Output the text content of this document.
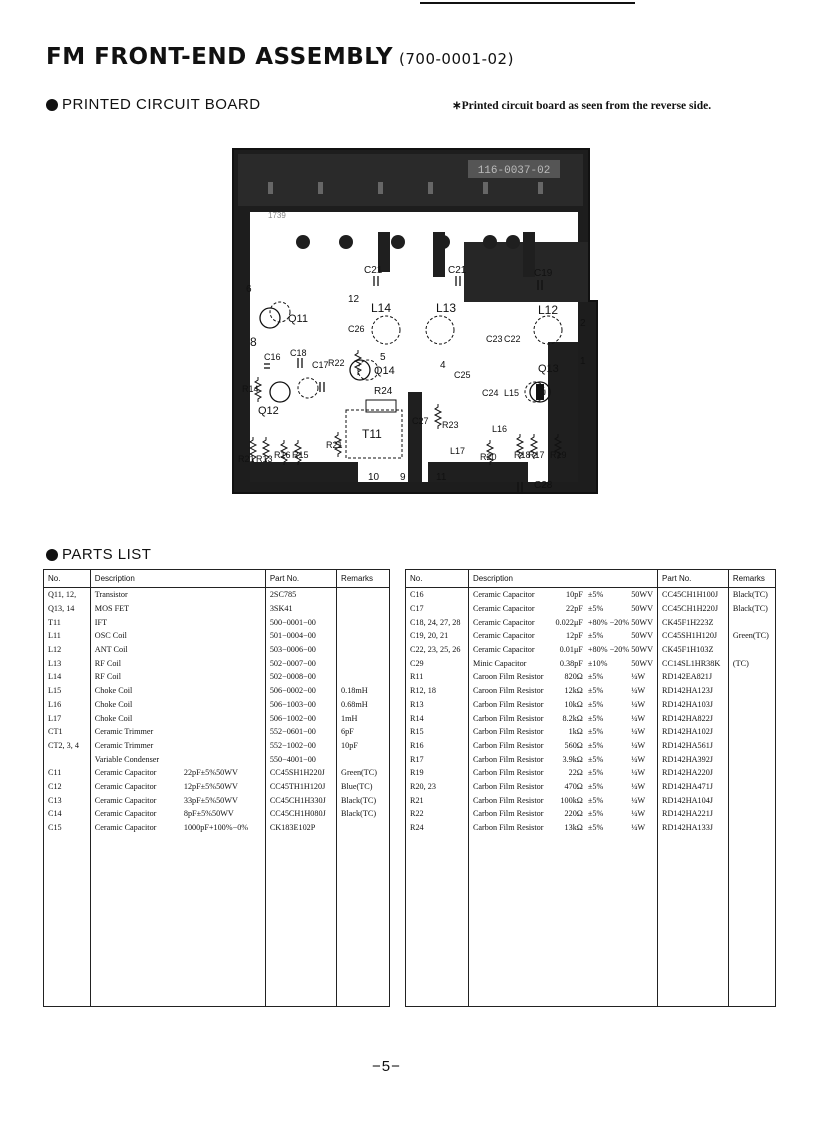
FM FRONT-END ASSEMBLY (700-0001-02)
PRINTED CIRCUIT BOARD	∗Printed circuit board as seen from the reverse side.
116-0037-02
1739
C21	C21	C19
6
12
L14	L13	L12
2
Q11
C26
C23 C22
8
C16 C18
C17 R22	5
Q14	4
C25	Q13
1
R14	R24	C24 L15
Q12
C27 R23	L16
T11
R21 R13 R16 R15
R21
L17
R20 R18
R17 R19
10 9	11
C28
PARTS LIST
No.	Description		Part No.	Remarks
Q11, 12,	Transistor		2SC785	
Q13, 14	MOS FET		3SK41	
T11	IFT		500−0001−00	
L11	OSC Coil		501−0004−00	
L12	ANT Coil		503−0006−00	
L13	RF Coil		502−0007−00	
L14	RF Coil		502−0008−00	
L15	Choke Coil		506−0002−00	0.18mH
L16	Choke Coil		506−1003−00	0.68mH
L17	Choke Coil		506−1002−00	1mH
CT1	Ceramic Trimmer		552−0601−00	6pF
CT2, 3, 4	Ceramic Trimmer		552−1002−00	10pF
	Variable Condenser		550−4001−00	
C11	Ceramic Capacitor	22pF±5%50WV	CC45SH1H220J	Green(TC)
C12	Ceramic Capacitor	12pF±5%50WV	CC45TH1H120J	Blue(TC)
C13	Ceramic Capacitor	33pF±5%50WV	CC45CH1H330J	Black(TC)
C14	Ceramic Capacitor	8pF±5%50WV	CC45CH1H080J	Black(TC)
C15	Ceramic Capacitor	1000pF+100%−0%	CK183E102P	

No.	Description				Part No.	Remarks
C16	Ceramic Capacitor	10pF	±5%	50WV	CC45CH1H100J	Black(TC)
C17	Ceramic Capacitor	22pF	±5%	50WV	CC45CH1H220J	Black(TC)
C18, 24, 27, 28	Ceramic Capacitor	0.022μF	+80% −20%	50WV	CK45F1H223Z	
C19, 20, 21	Ceramic Capacitor	12pF	±5%	50WV	CC45SH1H120J	Green(TC)
C22, 23, 25, 26	Ceramic Capacitor	0.01μF	+80% −20%	50WV	CK45F1H103Z	
C29	Minic Capacitor	0.38pF	±10%	50WV	CC14SL1HR38K	(TC)
R11	Caroon Film Resistor	820Ω	±5%	¼W	RD142EA821J	
R12, 18	Caroon Film Resistor	12kΩ	±5%	¼W	RD142HA123J	
R13	Carbon Film Resistor	10kΩ	±5%	¼W	RD142HA103J	
R14	Carbon Film Resistor	8.2kΩ	±5%	¼W	RD142HA822J	
R15	Carbon Film Resistor	1kΩ	±5%	¼W	RD142HA102J	
R16	Carbon Film Resistor	560Ω	±5%	¼W	RD142HA561J	
R17	Carbon Film Resistor	3.9kΩ	±5%	¼W	RD142HA392J	
R19	Carbon Film Resistor	22Ω	±5%	¼W	RD142HA220J	
R20, 23	Carbon Film Resistor	470Ω	±5%	¼W	RD142HA471J	
R21	Carbon Film Resistor	100kΩ	±5%	¼W	RD142HA104J	
R22	Carbon Film Resistor	220Ω	±5%	¼W	RD142HA221J	
R24	Carbon Film Resistor	13kΩ	±5%	¼W	RD142HA133J	

−5−
